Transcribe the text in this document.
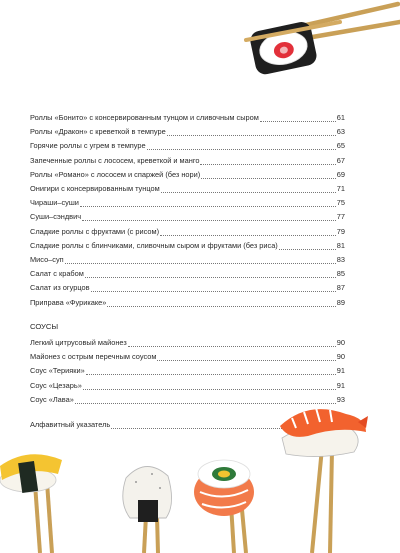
Роллы «Бонито» с консервированным тунцом и сливочным сыром	61
Роллы «Дракон» с креветкой в темпуре	63
Горячие роллы с угрем в темпуре	65
Запеченные роллы с лососем, креветкой и манго	67
Роллы «Романо» с лососем и спаржей (без нори)	69
Онигири с консервированным тунцом	71
Чираши–суши	75
Суши–сэндвич	77
Сладкие роллы с фруктами (с рисом)	79
Сладкие роллы с блинчиками, сливочным сыром и фруктами (без риса)	81
Мисо–суп	83
Салат с крабом	85
Салат из огурцов	87
Приправа «Фурикаке»	89
СОУСЫ
Легкий цитрусовый майонез	90
Майонез с острым перечным соусом	90
Соус «Терияки»	91
Соус «Цезарь»	91
Соус «Лава»	93
Алфавитный указатель
